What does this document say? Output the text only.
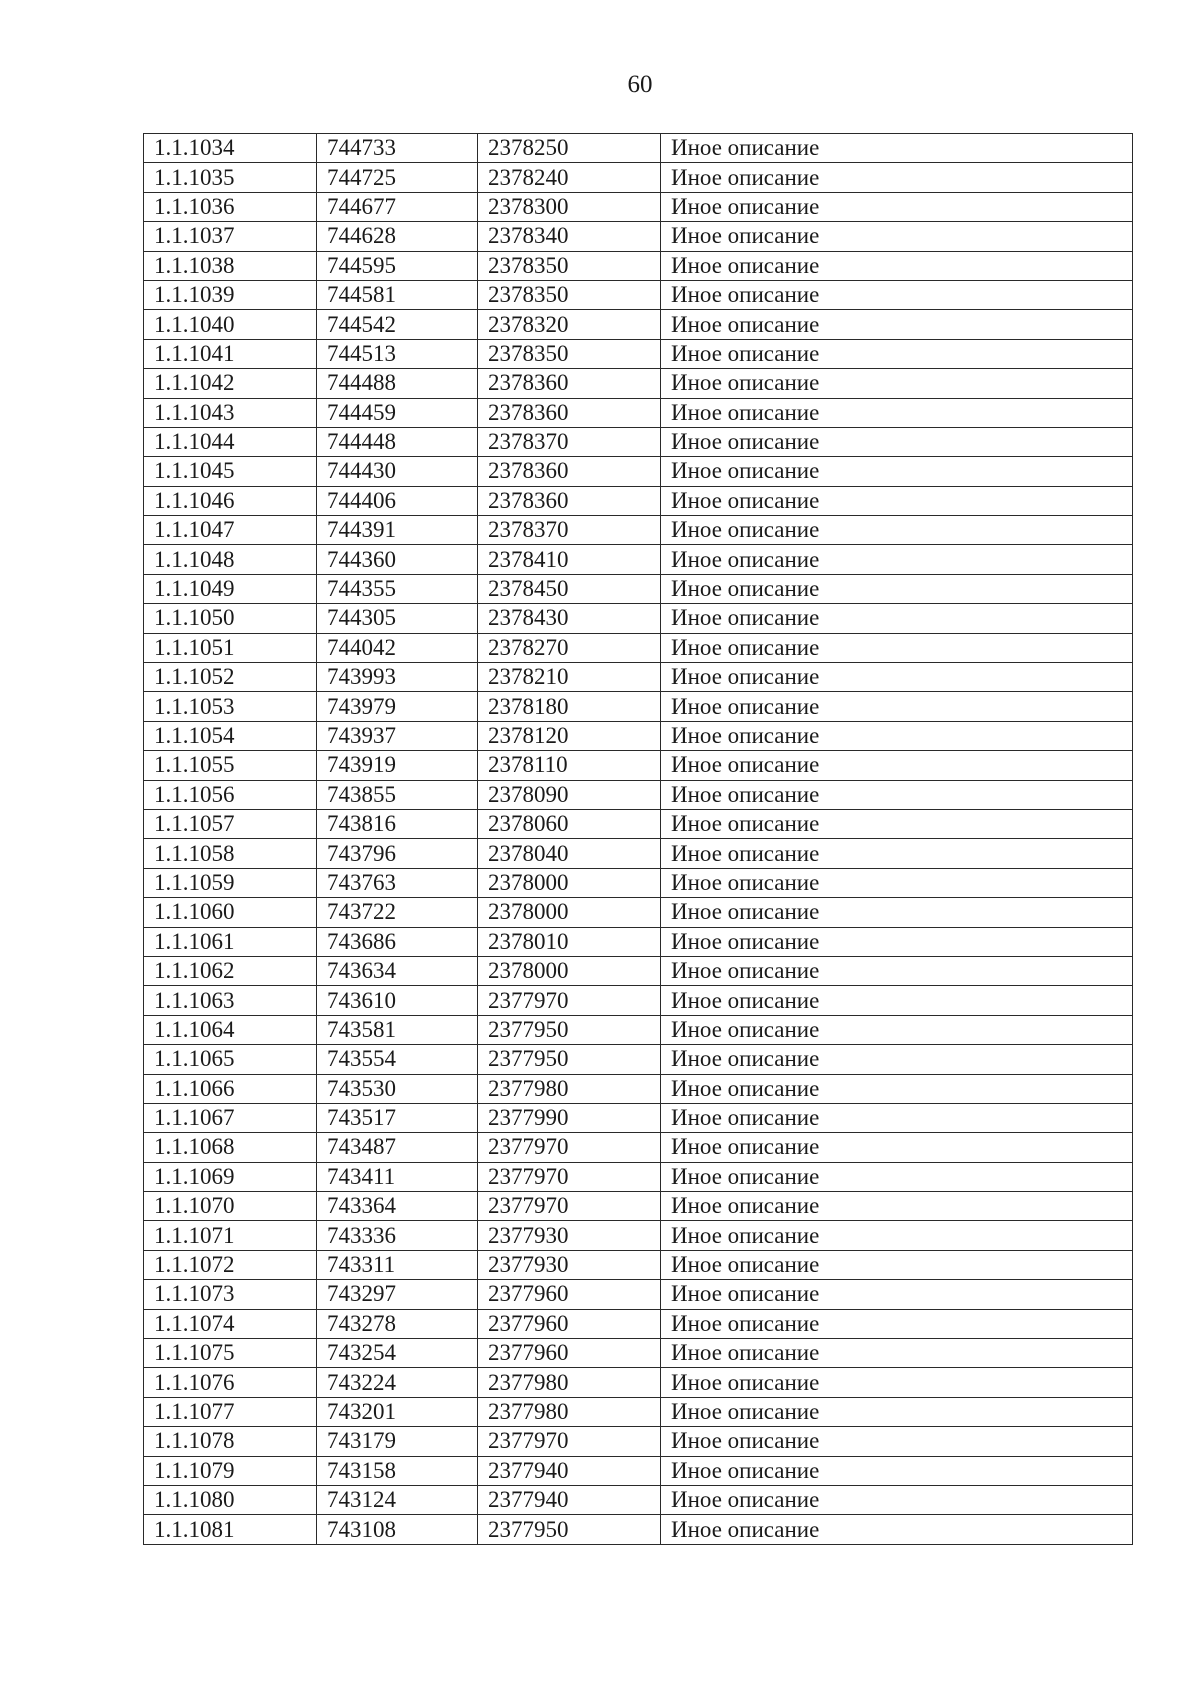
60
1.1.1034	744733	2378250	Иное описание
1.1.1035	744725	2378240	Иное описание
1.1.1036	744677	2378300	Иное описание
1.1.1037	744628	2378340	Иное описание
1.1.1038	744595	2378350	Иное описание
1.1.1039	744581	2378350	Иное описание
1.1.1040	744542	2378320	Иное описание
1.1.1041	744513	2378350	Иное описание
1.1.1042	744488	2378360	Иное описание
1.1.1043	744459	2378360	Иное описание
1.1.1044	744448	2378370	Иное описание
1.1.1045	744430	2378360	Иное описание
1.1.1046	744406	2378360	Иное описание
1.1.1047	744391	2378370	Иное описание
1.1.1048	744360	2378410	Иное описание
1.1.1049	744355	2378450	Иное описание
1.1.1050	744305	2378430	Иное описание
1.1.1051	744042	2378270	Иное описание
1.1.1052	743993	2378210	Иное описание
1.1.1053	743979	2378180	Иное описание
1.1.1054	743937	2378120	Иное описание
1.1.1055	743919	2378110	Иное описание
1.1.1056	743855	2378090	Иное описание
1.1.1057	743816	2378060	Иное описание
1.1.1058	743796	2378040	Иное описание
1.1.1059	743763	2378000	Иное описание
1.1.1060	743722	2378000	Иное описание
1.1.1061	743686	2378010	Иное описание
1.1.1062	743634	2378000	Иное описание
1.1.1063	743610	2377970	Иное описание
1.1.1064	743581	2377950	Иное описание
1.1.1065	743554	2377950	Иное описание
1.1.1066	743530	2377980	Иное описание
1.1.1067	743517	2377990	Иное описание
1.1.1068	743487	2377970	Иное описание
1.1.1069	743411	2377970	Иное описание
1.1.1070	743364	2377970	Иное описание
1.1.1071	743336	2377930	Иное описание
1.1.1072	743311	2377930	Иное описание
1.1.1073	743297	2377960	Иное описание
1.1.1074	743278	2377960	Иное описание
1.1.1075	743254	2377960	Иное описание
1.1.1076	743224	2377980	Иное описание
1.1.1077	743201	2377980	Иное описание
1.1.1078	743179	2377970	Иное описание
1.1.1079	743158	2377940	Иное описание
1.1.1080	743124	2377940	Иное описание
1.1.1081	743108	2377950	Иное описание
